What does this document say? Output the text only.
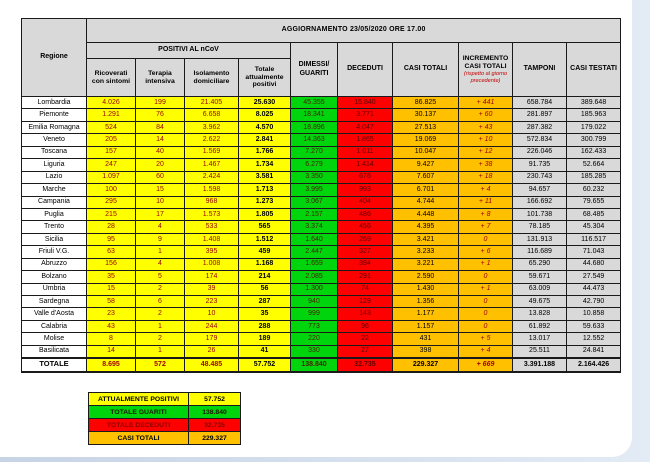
Regione	AGGIORNAMENTO 23/05/2020 ORE 17.00									
	POSITIVI AL nCoV				DIMESSI/ GUARITI	DECEDUTI	CASI TOTALI	INCREMENTO CASI TOTALI
(rispetto al giorno precedente)	TAMPONI	CASI TESTATI
	Ricoverati con sintomi	Terapia intensiva	Isolamento domiciliare	Totale attualmente positivi						
Lombardia	4.026	199	21.405	25.630	45.355	15.840	86.825	+ 441	658.784	389.648
Piemonte	1.291	76	6.658	8.025	18.341	3.771	30.137	+ 60	281.897	185.963
Emilia Romagna	524	84	3.962	4.570	18.896	4.047	27.513	+ 43	287.382	179.022
Veneto	205	14	2.622	2.841	14.363	1.865	19.069	+ 10	572.834	300.799
Toscana	157	40	1.569	1.766	7.270	1.011	10.047	+ 12	226.046	162.433
Liguria	247	20	1.467	1.734	6.279	1.414	9.427	+ 38	91.735	52.664
Lazio	1.097	60	2.424	3.581	3.350	676	7.607	+ 18	230.743	185.285
Marche	100	15	1.598	1.713	3.995	993	6.701	+ 4	94.657	60.232
Campania	295	10	968	1.273	3.067	404	4.744	+ 11	166.692	79.655
Puglia	215	17	1.573	1.805	2.157	486	4.448	+ 8	101.738	68.485
Trento	28	4	533	565	3.374	456	4.395	+ 7	78.185	45.304
Sicilia	95	9	1.408	1.512	1.640	269	3.421	0	131.913	116.517
Friuli V.G.	63	1	395	459	2.447	327	3.233	+ 6	116.689	71.043
Abruzzo	156	4	1.008	1.168	1.659	394	3.221	+ 1	65.290	44.680
Bolzano	35	5	174	214	2.085	291	2.590	0	59.671	27.549
Umbria	15	2	39	56	1.300	74	1.430	+ 1	63.009	44.473
Sardegna	58	6	223	287	940	129	1.356	0	49.675	42.790
Valle d'Aosta	23	2	10	35	999	143	1.177	0	13.828	10.858
Calabria	43	1	244	288	773	96	1.157	0	61.892	59.633
Molise	8	2	179	189	220	22	431	+ 5	13.017	12.552
Basilicata	14	1	26	41	330	27	398	+ 4	25.511	24.841
TOTALE	8.695	572	48.485	57.752	138.840	32.735	229.327	+ 669	3.391.188	2.164.426
ATTUALMENTE POSITIVI	57.752
TOTALE GUARITI	138.840
TOTALE DECEDUTI	32.735
CASI TOTALI	229.327
